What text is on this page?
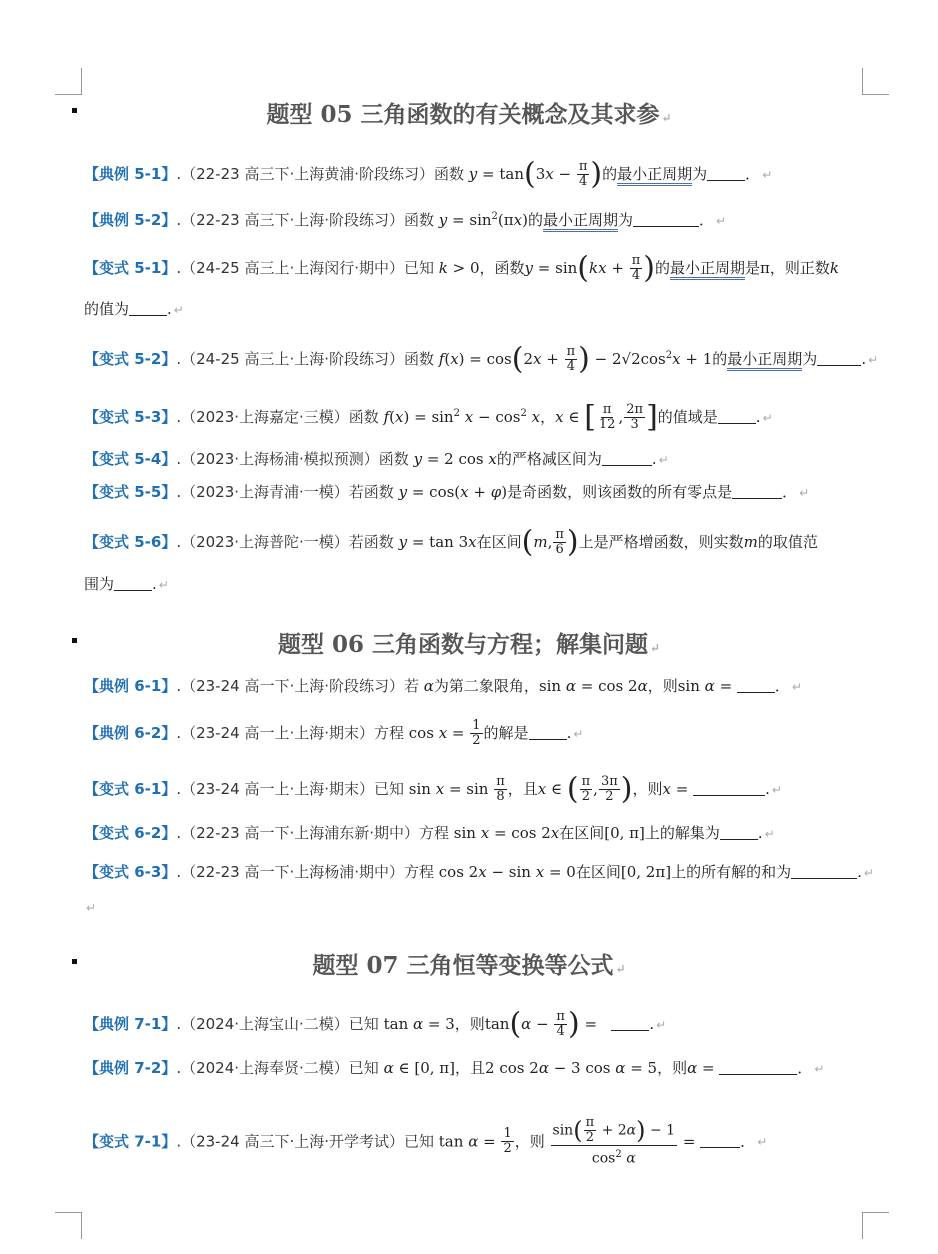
题型 05 三角函数的有关概念及其求参 ↵
【典例 5-1】.（22-23 高三下·上海黄浦·阶段练习）函数 $y = \tan(3x - \frac{\pi}{4}$ )的最小正周期为	． ↵
【典例 5-2】.（22-23 高三下·上海·阶段练习）函数 $y = \sin^2(\pi x)$的最小正周期为	． ↵
【变式 5-1】.（24-25 高三上·上海闵行·期中）已知 k > 0，函数$y = \sin(kx + \frac{\pi}{4}$ )的最小正周期是π，则正数k
的值为	. ↵
【变式 5-2】.（24-25 高三上·上海·阶段练习）函数 $f(x) = \cos(2x + \frac{\pi}{4}$ ) − $2√2\cos^2x + 1$的最小正周期为	. ↵
【变式 5-3】.（2023·上海嘉定·三模）函数 $f(x) = \sin^2 x - \cos^2 x$，x ∈ [ $\frac{\pi}{12}$ , $\frac{2\pi}{3}$ ]的值域是	. ↵
【变式 5-4】.（2023·上海杨浦·模拟预测）函数 y = 2 cos x的严格减区间为	. ↵
【变式 5-5】.（2023·上海青浦·一模）若函数 y = cos(x + φ)是奇函数，则该函数的所有零点是	． ↵
【变式 5-6】.（2023·上海普陀·一模）若函数 y = tan 3x在区间(m, $\frac{\pi}{6}$ )上是严格增函数，则实数m的取值范
围为	. ↵
题型 06 三角函数与方程；解集问题 ↵
【典例 6-1】.（23-24 高一下·上海·阶段练习）若 α为第二象限角，sin α = cos 2α，则sin α =	． ↵
【典例 6-2】.（23-24 高一上·上海·期末）方程 $\cos x = \frac{1}{2}$ 的解是	. ↵
【变式 6-1】.（23-24 高一上·上海·期末）已知 $\sin x = \sin \frac{\pi}{8}$ ，且x ∈ ( $\frac{\pi}{2}$ , $\frac{3\pi}{2}$ )，则x =	. ↵
【变式 6-2】.（22-23 高一下·上海浦东新·期中）方程 sin x = cos 2x在区间[0, π]上的解集为	. ↵
【变式 6-3】.（22-23 高一下·上海杨浦·期中）方程 cos 2x − sin x = 0在区间[0, 2π]上的所有解的和为	. ↵
↵
题型 07 三角恒等变换等公式 ↵
【典例 7-1】.（2024·上海宝山·二模）已知 tan α = 3，则$\tan(\alpha - \frac{\pi}{4}$ ) =	. ↵
【典例 7-2】.（2024·上海奉贤·二模）已知 α ∈ [0, π]，且2 cos 2α − 3 cos α = 5，则α =	． ↵
【变式 7-1】.（23-24 高三下·上海·开学考试）已知 $\tan \alpha = \frac{1}{2}$ ，则 $\frac{\sin( \frac{\pi}{2} + 2\alpha) - 1}{\cos^2 \alpha}$ =	． ↵
